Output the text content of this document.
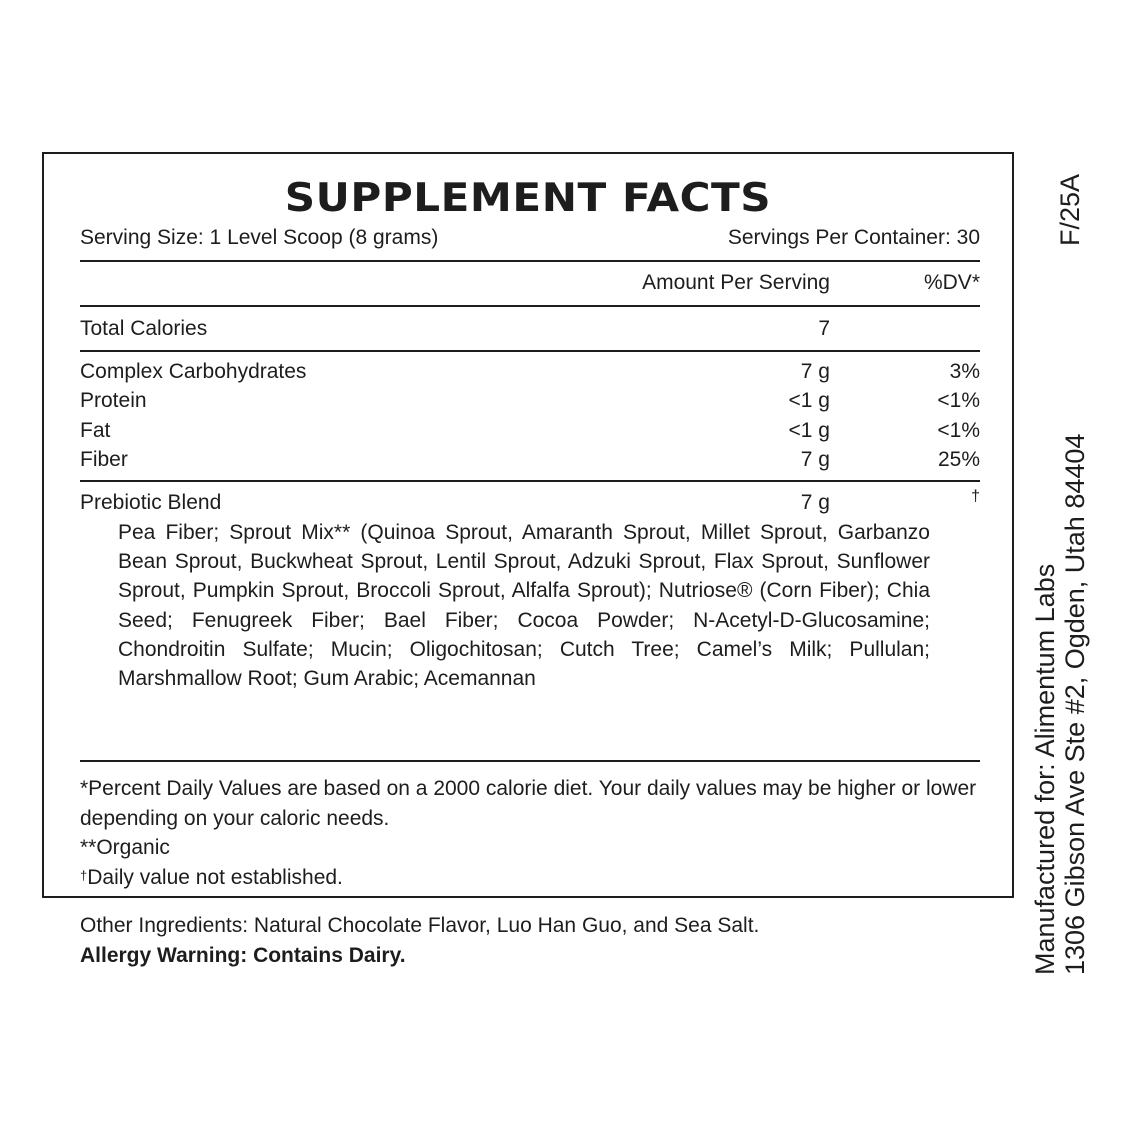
SUPPLEMENT FACTS
Serving Size: 1 Level Scoop (8 grams)	Servings Per Container: 30
Amount Per Serving	%DV*
Total Calories	7
Complex Carbohydrates	7 g	3%
Protein	<1 g	<1%
Fat	<1 g	<1%
Fiber	7 g	25%
Prebiotic Blend	7 g	†
Pea Fiber; Sprout Mix** (Quinoa Sprout, Amaranth Sprout, Millet Sprout, Garbanzo Bean Sprout, Buckwheat Sprout, Lentil Sprout, Adzuki Sprout, Flax Sprout, Sunflower Sprout, Pumpkin Sprout, Broccoli Sprout, Alfalfa Sprout); Nutriose® (Corn Fiber); Chia Seed; Fenugreek Fiber; Bael Fiber; Cocoa Powder; N-Acetyl-D-Glucosamine; Chondroitin Sulfate; Mucin; Oligochitosan; Cutch Tree; Camel’s Milk; Pullulan; Marshmallow Root; Gum Arabic; Acemannan

*Percent Daily Values are based on a 2000 calorie diet. Your daily values may be higher or lower depending on your caloric needs.

**Organic

†Daily value not established.

Other Ingredients: Natural Chocolate Flavor, Luo Han Guo, and Sea Salt.

Allergy Warning: Contains Dairy.

F/25A
Manufactured for: Alimentum Labs 1306 Gibson Ave Ste #2, Ogden, Utah 84404
